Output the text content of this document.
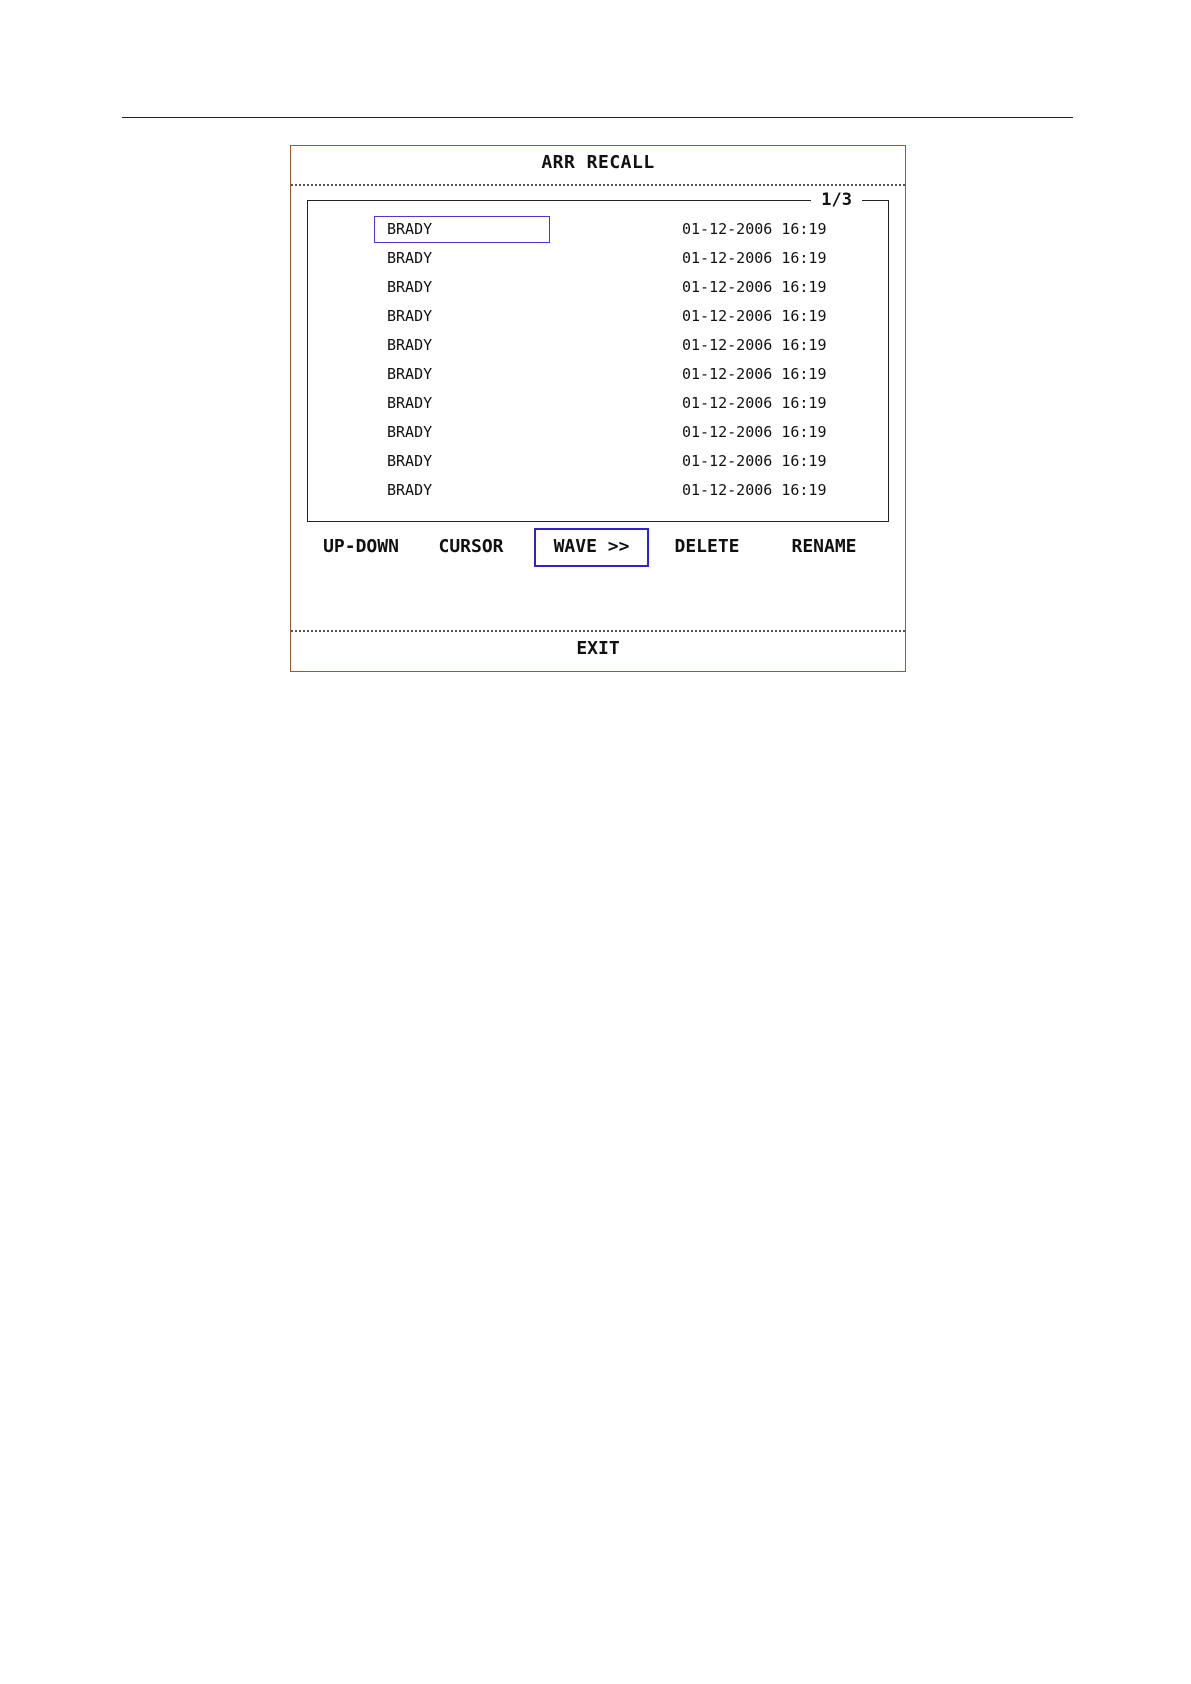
ARR RECALL
1/3
BRADY	01-12-2006 16:19
BRADY	01-12-2006 16:19
BRADY	01-12-2006 16:19
BRADY	01-12-2006 16:19
BRADY	01-12-2006 16:19
BRADY	01-12-2006 16:19
BRADY	01-12-2006 16:19
BRADY	01-12-2006 16:19
BRADY	01-12-2006 16:19
BRADY	01-12-2006 16:19
UP-DOWN	CURSOR	WAVE >>	DELETE	RENAME
EXIT
